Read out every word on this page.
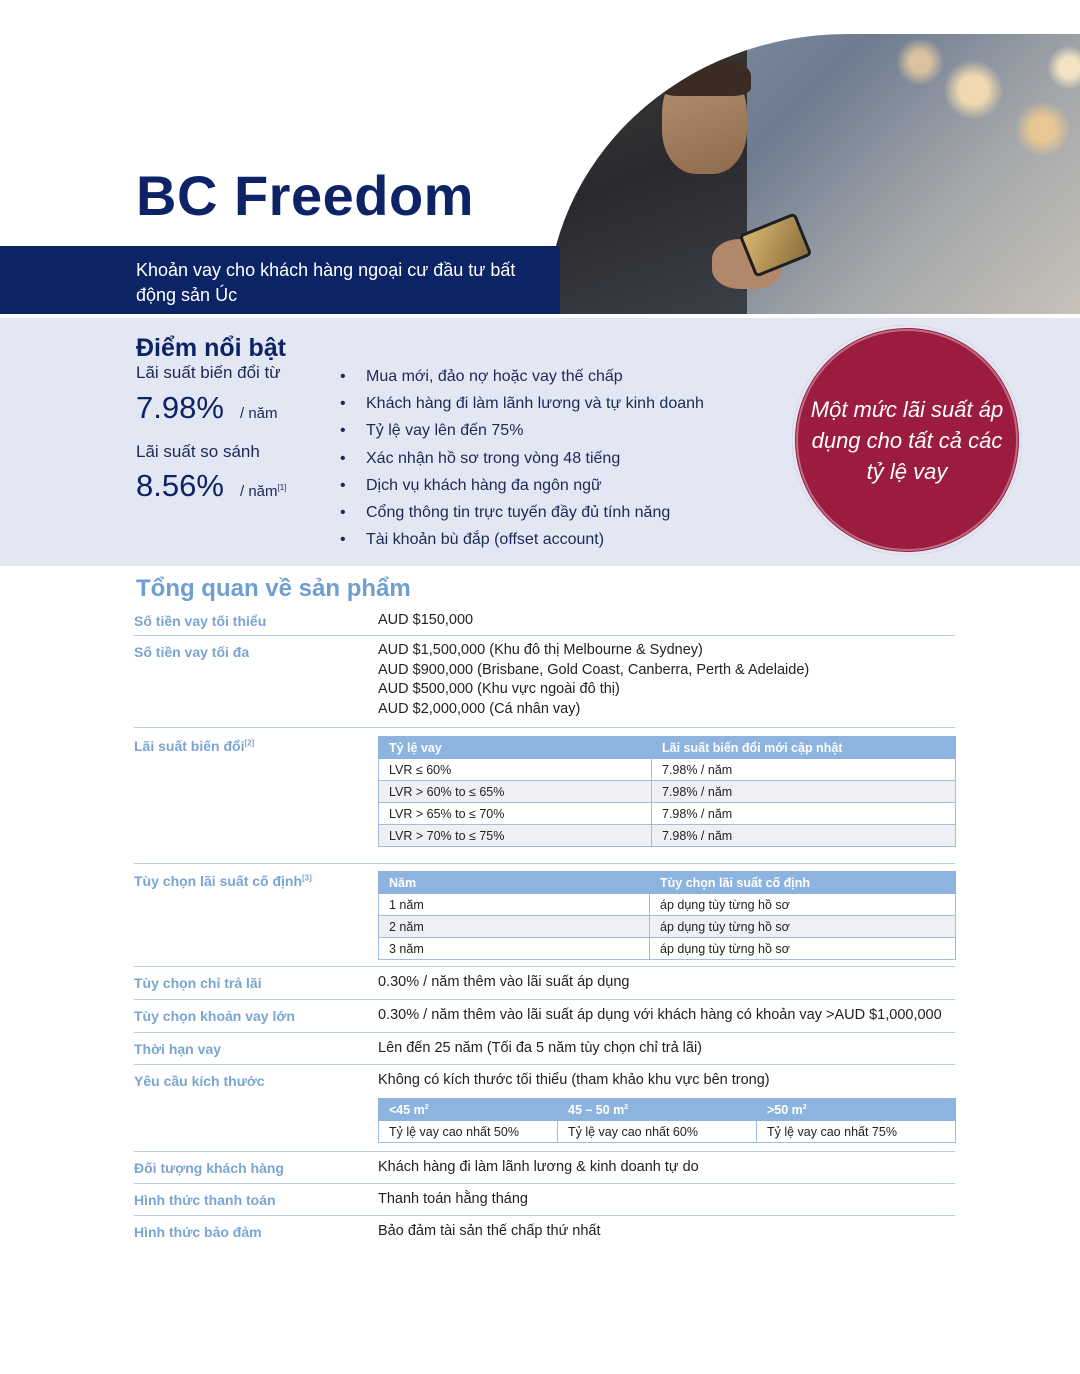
BC Freedom
Khoản vay cho khách hàng ngoại cư đầu tư bất động sản Úc
Điểm nổi bật
Lãi suất biến đổi từ
7.98% / năm
Lãi suất so sánh
8.56% / năm[1]
• Mua mới, đảo nợ hoặc vay thế chấp
• Khách hàng đi làm lãnh lương và tự kinh doanh
• Tỷ lệ vay lên đến 75%
• Xác nhận hồ sơ trong vòng 48 tiếng
• Dịch vụ khách hàng đa ngôn ngữ
• Cổng thông tin trực tuyến đầy đủ tính năng
• Tài khoản bù đắp (offset account)
Một mức lãi suất áp dụng cho tất cả các tỷ lệ vay
Tổng quan về sản phẩm
Số tiền vay tối thiểu	AUD $150,000
Số tiền vay tối đa	AUD $1,500,000 (Khu đô thị Melbourne & Sydney)
AUD $900,000 (Brisbane, Gold Coast, Canberra, Perth & Adelaide)
AUD $500,000 (Khu vực ngoài đô thị)
AUD $2,000,000 (Cá nhân vay)
Lãi suất biến đổi[2]	Tỷ lệ vay	Lãi suất biến đổi mới cập nhật
LVR ≤ 60%	7.98% / năm
LVR > 60% to ≤ 65%	7.98% / năm
LVR > 65% to ≤ 70%	7.98% / năm
LVR > 70% to ≤ 75%	7.98% / năm
Tùy chọn lãi suất cố định[3]	Năm	Tùy chọn lãi suất cố định
1 năm	áp dụng tùy từng hồ sơ
2 năm	áp dụng tùy từng hồ sơ
3 năm	áp dụng tùy từng hồ sơ
Tùy chọn chỉ trả lãi	0.30% / năm thêm vào lãi suất áp dụng
Tùy chọn khoản vay lớn	0.30% / năm thêm vào lãi suất áp dụng với khách hàng có khoản vay >AUD $1,000,000
Thời hạn vay	Lên đến 25 năm (Tối đa 5 năm tùy chọn chỉ trả lãi)
Yêu cầu kích thước	Không có kích thước tối thiểu (tham khảo khu vực bên trong)
<45 $m^2$	45 – 50 $m^2$	>50 $m^2$
Tỷ lệ vay cao nhất 50%	Tỷ lệ vay cao nhất 60%	Tỷ lệ vay cao nhất 75%
Đối tượng khách hàng	Khách hàng đi làm lãnh lương & kinh doanh tự do
Hình thức thanh toán	Thanh toán hằng tháng
Hình thức bảo đảm	Bảo đảm tài sản thế chấp thứ nhất
